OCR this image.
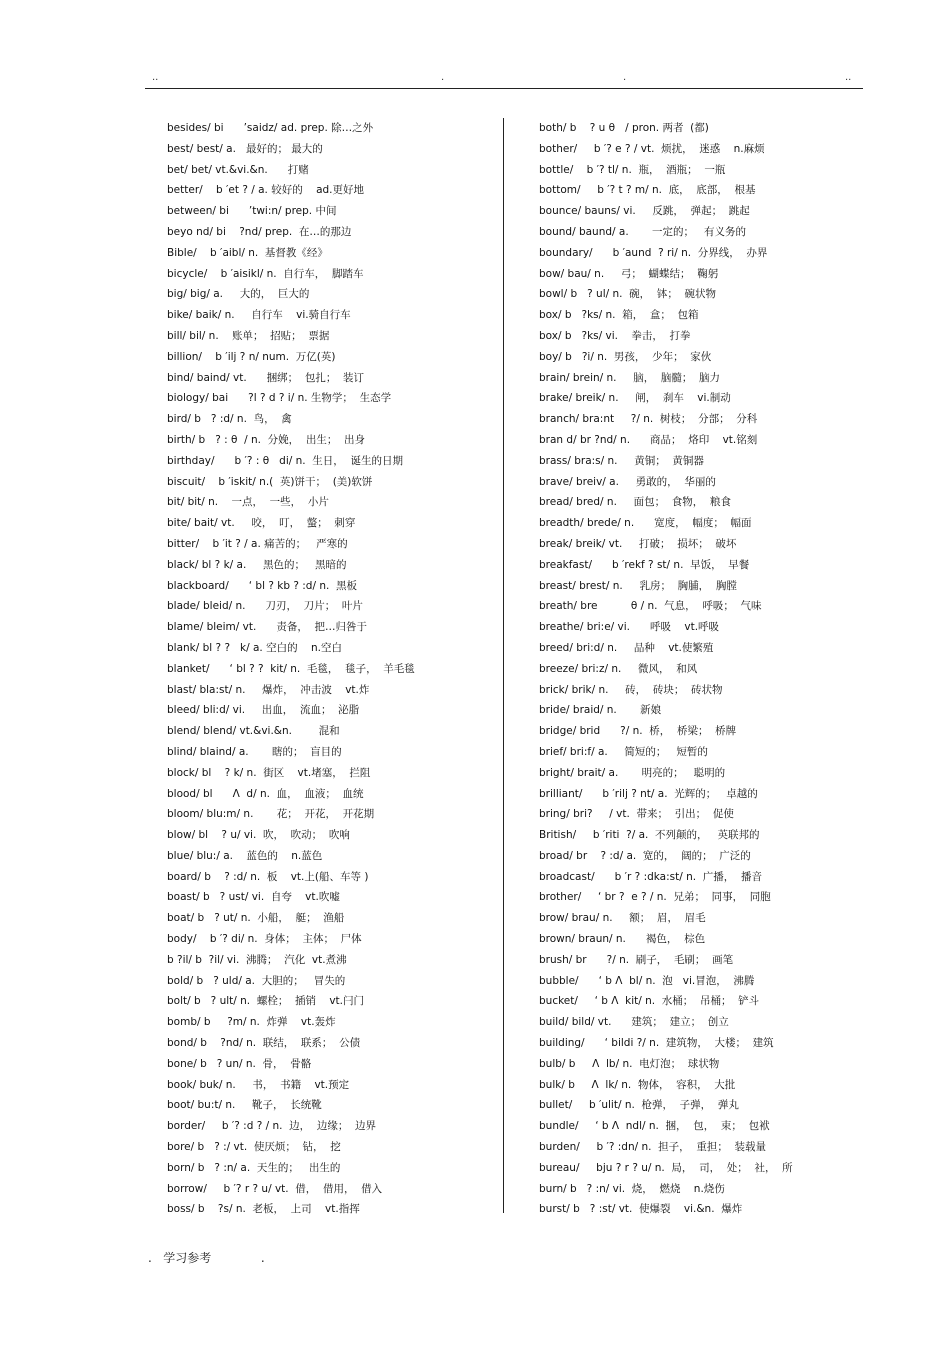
..	.	.	..
besides/ bi      ’saidz/ ad. prep. 除…之外
best/ best/ a.   最好的； 最大的
bet/ bet/ vt.&vi.&n.      打赌
better/    b ′et ? / a. 较好的    ad.更好地
between/ bi      ’twi:n/ prep. 中间
beyo nd/ bi    ?nd/ prep.  在…的那边
Bible/    b ′aibl/ n.  基督教《经》
bicycle/    b ′aisikl/ n.  自行车，  脚踏车
big/ big/ a.     大的，  巨大的
bike/ baik/ n.     自行车    vi.骑自行车
bill/ bil/ n.    账单；  招贴；  票据
billion/    b ′ilj ? n/ num.  万亿(英)
bind/ baind/ vt.      捆绑；  包扎；  装订
biology/ bai      ?l ? d ? i/ n. 生物学；  生态学
bird/ b   ? :d/ n.  鸟，  禽
birth/ b   ? : θ  / n.  分娩，  出生；  出身
birthday/      b ′? : θ   di/ n.  生日，  诞生的日期
biscuit/    b ′iskit/ n.(  英)饼干；  (美)软饼
bit/ bit/ n.    一点，  一些，  小片
bite/ bait/ vt.     咬，  叮，  螫；  刺穿
bitter/    b ′it ? / a. 痛苦的；   严寒的
black/ bl ? k/ a.     黑色的；   黑暗的
blackboard/      ‘ bl ? kb ? :d/ n.  黑板
blade/ bleid/ n.      刀刃，  刀片；  叶片
blame/ bleim/ vt.      责备，  把…归咎于
blank/ bl ? ?   k/ a. 空白的    n.空白
blanket/      ‘ bl ? ?  kit/ n.  毛毯，  毯子，  羊毛毯
blast/ bla:st/ n.     爆炸，  冲击波    vt.炸
bleed/ bli:d/ vi.     出血，  流血；  泌脂
blend/ blend/ vt.&vi.&n.        混和
blind/ blaind/ a.       瞎的；  盲目的
block/ bl    ? k/ n.  街区    vt.堵塞，  拦阻
blood/ bl      Λ  d/ n.  血，  血液；  血统
bloom/ blu:m/ n.       花；  开花，  开花期
blow/ bl    ? u/ vi.  吹，  吹动；  吹响
blue/ blu:/ a.    蓝色的    n.蓝色
board/ b    ? :d/ n.  板    vt.上(船、车等 )
boast/ b   ? ust/ vi.  自夸    vt.吹嘘
boat/ b   ? ut/ n.  小船，  艇；  渔船
body/    b ′? di/ n.  身体；  主体；  尸体
b ?il/ b  ?il/ vi.  沸腾；  汽化  vt.煮沸
bold/ b   ? uld/ a.  大胆的；   冒失的
bolt/ b   ? ult/ n.  螺栓；  插销    vt.闩门
bomb/ b     ?m/ n.  炸弹    vt.轰炸
bond/ b    ?nd/ n.  联结，  联系；  公债
bone/ b   ? un/ n.  骨，  骨骼
book/ buk/ n.     书，  书籍    vt.预定
boot/ bu:t/ n.     靴子，  长统靴
border/     b ′? :d ? / n.  边，  边缘；  边界
bore/ b   ? :/ vt.  使厌烦；  钻，  挖
born/ b   ? :n/ a.  天生的；   出生的
borrow/     b ′? r ? u/ vt.  借，  借用，  借入
boss/ b    ?s/ n.  老板，  上司    vt.指挥
both/ b    ? u θ   / pron. 两者  (都)
bother/     b ′? e ? / vt.  烦扰，  迷惑    n.麻烦
bottle/    b ′? tl/ n.  瓶，  酒瓶；  一瓶
bottom/     b ′? t ? m/ n.  底，  底部，  根基
bounce/ bauns/ vi.     反跳，  弹起；  跳起
bound/ baund/ a.       一定的；   有义务的
boundary/      b ′aund  ? ri/ n.  分界线，  办界
bow/ bau/ n.     弓；  蝴蝶结；  鞠躬
bowl/ b   ? ul/ n.  碗，  钵；  碗状物
box/ b   ?ks/ n.  箱，  盒；  包箱
box/ b   ?ks/ vi.    拳击，  打拳
boy/ b   ?i/ n.  男孩，  少年；  家伙
brain/ brein/ n.     脑，  脑髓；  脑力
brake/ breik/ n.     闸，  刹车    vi.制动
branch/ bra:nt     ?/ n.  树枝；  分部；  分科
bran d/ br ?nd/ n.      商品；  烙印    vt.铭刻
brass/ bra:s/ n.     黄铜；  黄铜器
brave/ breiv/ a.     勇敢的，  华丽的
bread/ bred/ n.     面包；  食物，  粮食
breadth/ brede/ n.      宽度，  幅度；  幅面
break/ breik/ vt.     打破；  损坏；  破坏
breakfast/      b ′rekf ? st/ n.  早饭，  早餐
breast/ brest/ n.     乳房；  胸脯，  胸膛
breath/ bre          θ / n.  气息，  呼吸；  气味
breathe/ bri:e/ vi.      呼吸    vt.呼吸
breed/ bri:d/ n.     品种    vt.使繁殖
breeze/ bri:z/ n.     微风，  和风
brick/ brik/ n.     砖，  砖块；  砖状物
bride/ braid/ n.       新娘
bridge/ brid      ?/ n.  桥，  桥梁；  桥牌
brief/ bri:f/ a.     简短的；   短暂的
bright/ brait/ a.       明亮的；   聪明的
brilliant/      b ′rilj ? nt/ a.  光辉的；   卓越的
bring/ bri?     / vt.  带来；  引出；  促使
British/     b ′riti  ?/ a.  不列颠的，   英联邦的
broad/ br    ? :d/ a.  宽的，  阔的；  广泛的
broadcast/      b ′r ? :dka:st/ n.  广播，  播音
brother/     ‘ br ?  e ? / n.  兄弟；  同事，  同胞
brow/ brau/ n.     额；  眉，  眉毛
brown/ braun/ n.      褐色，  棕色
brush/ br      ?/ n.  刷子，  毛刷；  画笔
bubble/      ‘ b Λ  bl/ n.  泡   vi.冒泡，  沸腾
bucket/     ‘ b Λ  kit/ n.  水桶；  吊桶；  铲斗
build/ bild/ vt.      建筑；  建立；  创立
building/      ‘ bildi ?/ n.  建筑物，  大楼；  建筑
bulb/ b     Λ  lb/ n.  电灯泡；  球状物
bulk/ b     Λ  lk/ n.  物体，  容积，  大批
bullet/     b ′ulit/ n.  枪弹，  子弹，  弹丸
bundle/     ‘ b Λ  ndl/ n.  捆，  包，  束；  包袱
burden/     b ′? :dn/ n.  担子，  重担；  装载量
bureau/     bju ? r ? u/ n.  局，  司，  处；  社，  所
burn/ b   ? :n/ vi.  烧，  燃烧    n.烧伤
burst/ b   ? :st/ vt.  使爆裂    vi.&n.  爆炸
.   学习参考             .
